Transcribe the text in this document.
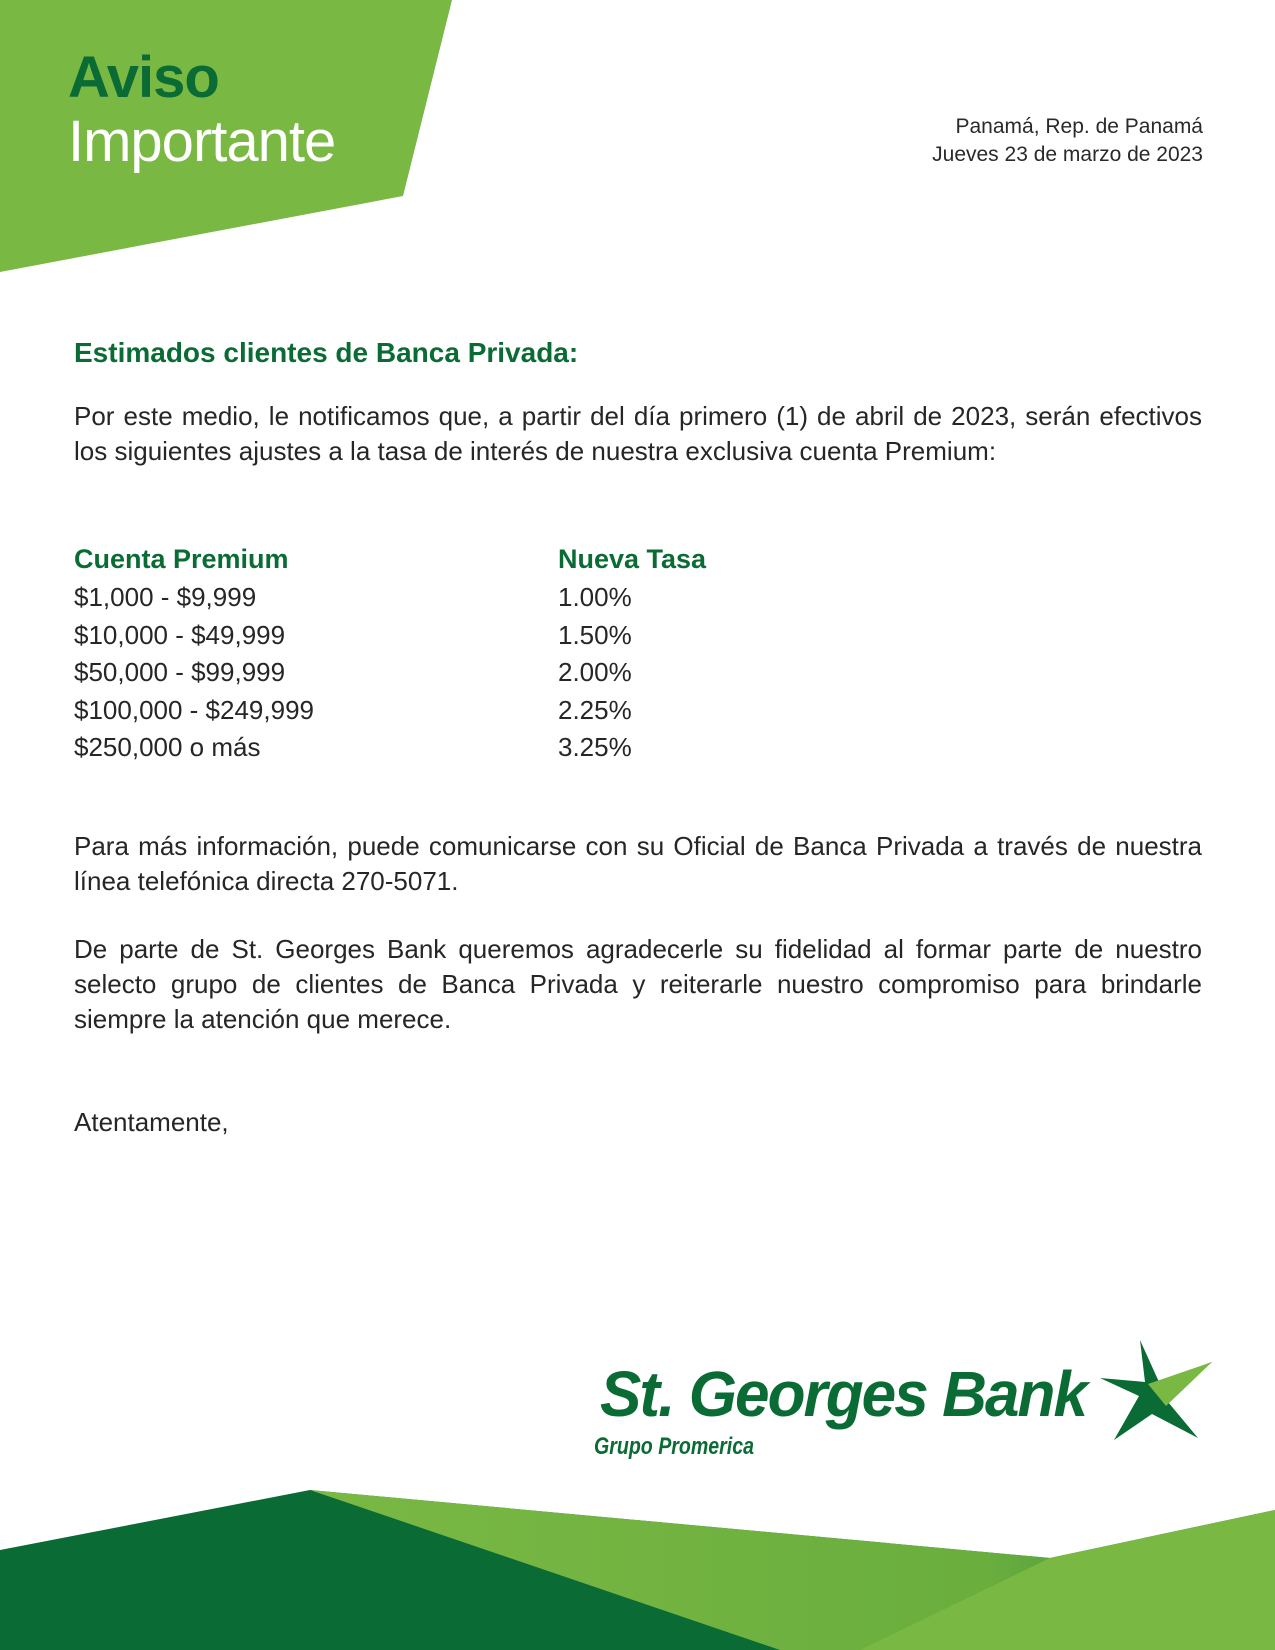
Aviso
Importante	Panamá, Rep. de Panamá
Jueves 23 de marzo de 2023

Estimados clientes de Banca Privada:

Por este medio, le notificamos que, a partir del día primero (1) de abril de 2023, serán efectivos los siguientes ajustes a la tasa de interés de nuestra exclusiva cuenta Premium:

Cuenta Premium	Nueva Tasa
$1,000 - $9,999	1.00%
$10,000 - $49,999	1.50%
$50,000 - $99,999	2.00%
$100,000 - $249,999	2.25%
$250,000 o más	3.25%

Para más información, puede comunicarse con su Oficial de Banca Privada a través de nuestra línea telefónica directa 270-5071.

De parte de St. Georges Bank queremos agradecerle su fidelidad al formar parte de nuestro selecto grupo de clientes de Banca Privada y reiterarle nuestro compromiso para brindarle siempre la atención que merece.

Atentamente,

St. Georges Bank
Grupo Promerica
